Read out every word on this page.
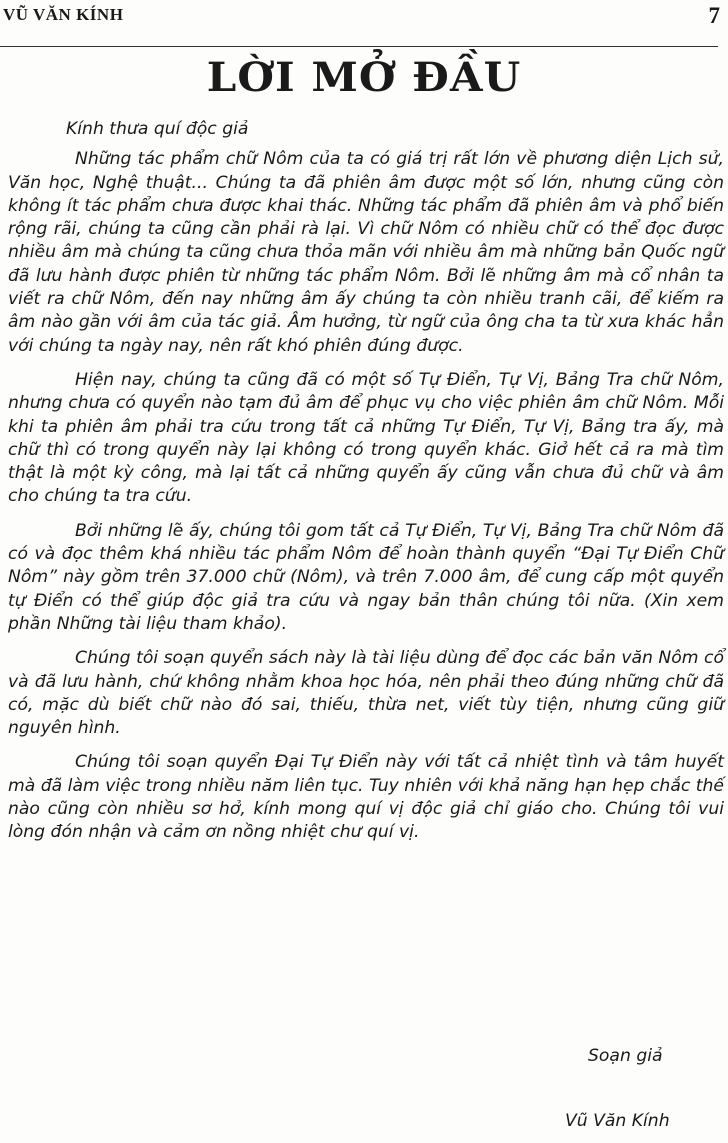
VŨ VĂN KÍNH	7
LỜI MỞ ĐẦU

Kính thưa quí độc giả

Những tác phẩm chữ Nôm của ta có giá trị rất lớn về phương diện Lịch sử, Văn học, Nghệ thuật... Chúng ta đã phiên âm được một số lớn, nhưng cũng còn không ít tác phẩm chưa được khai thác. Những tác phẩm đã phiên âm và phổ biến rộng rãi, chúng ta cũng cần phải rà lại. Vì chữ Nôm có nhiều chữ có thể đọc được nhiều âm mà chúng ta cũng chưa thỏa mãn với nhiều âm mà những bản Quốc ngữ đã lưu hành được phiên từ những tác phẩm Nôm. Bởi lẽ những âm mà cổ nhân ta viết ra chữ Nôm, đến nay những âm ấy chúng ta còn nhiều tranh cãi, để kiếm ra âm nào gần với âm của tác giả. Âm hưởng, từ ngữ của ông cha ta từ xưa khác hẳn với chúng ta ngày nay, nên rất khó phiên đúng được.

Hiện nay, chúng ta cũng đã có một số Tự Điển, Tự Vị, Bảng Tra chữ Nôm, nhưng chưa có quyển nào tạm đủ âm để phục vụ cho việc phiên âm chữ Nôm. Mỗi khi ta phiên âm phải tra cứu trong tất cả những Tự Điển, Tự Vị, Bảng tra ấy, mà chữ thì có trong quyển này lại không có trong quyển khác. Giở hết cả ra mà tìm thật là một kỳ công, mà lại tất cả những quyển ấy cũng vẫn chưa đủ chữ và âm cho chúng ta tra cứu.

Bởi những lẽ ấy, chúng tôi gom tất cả Tự Điển, Tự Vị, Bảng Tra chữ Nôm đã có và đọc thêm khá nhiều tác phẩm Nôm để hoàn thành quyển “Đại Tự Điển Chữ Nôm” này gồm trên 37.000 chữ (Nôm), và trên 7.000 âm, để cung cấp một quyển tự Điển có thể giúp độc giả tra cứu và ngay bản thân chúng tôi nữa. (Xin xem phần Những tài liệu tham khảo).

Chúng tôi soạn quyển sách này là tài liệu dùng để đọc các bản văn Nôm cổ và đã lưu hành, chứ không nhằm khoa học hóa, nên phải theo đúng những chữ đã có, mặc dù biết chữ nào đó sai, thiếu, thừa net, viết tùy tiện, nhưng cũng giữ nguyên hình.

Chúng tôi soạn quyển Đại Tự Điển này với tất cả nhiệt tình và tâm huyết mà đã làm việc trong nhiều năm liên tục. Tuy nhiên với khả năng hạn hẹp chắc thế nào cũng còn nhiều sơ hở, kính mong quí vị độc giả chỉ giáo cho. Chúng tôi vui lòng đón nhận và cảm ơn nồng nhiệt chư quí vị.

Soạn giả
Vũ Văn Kính
